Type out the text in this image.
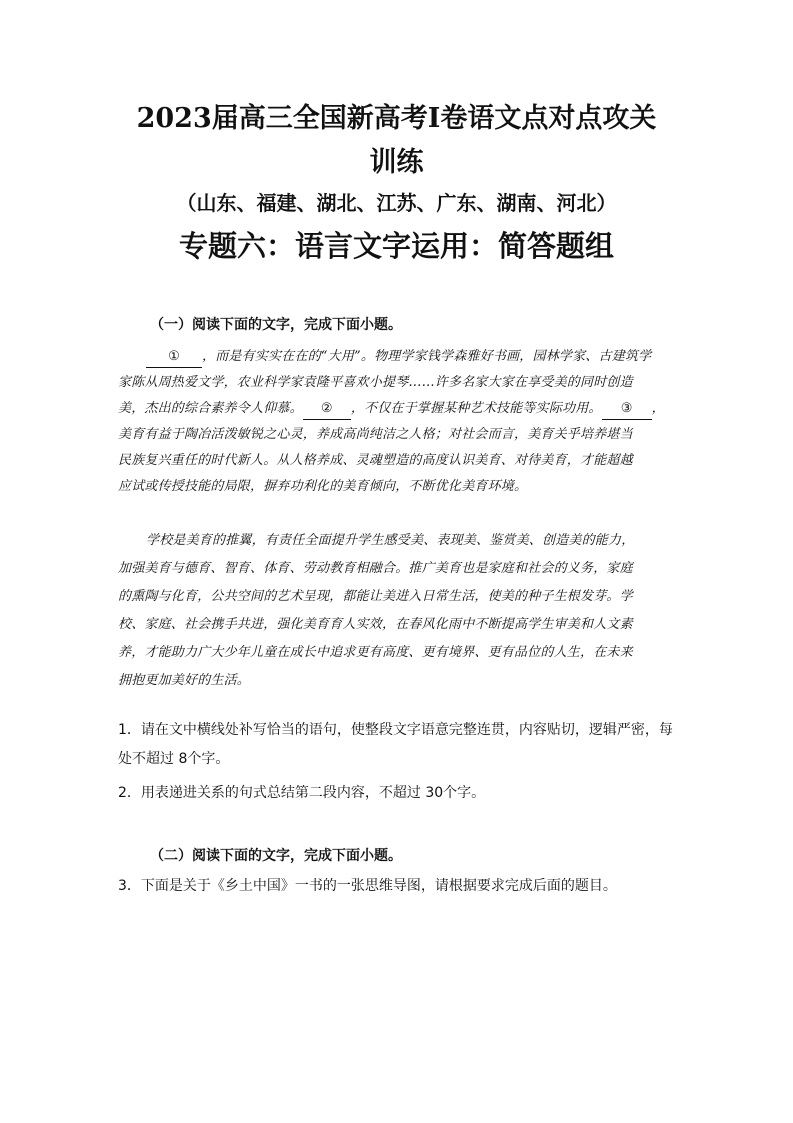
2023届高三全国新高考Ⅰ卷语文点对点攻关
训练
（山东、福建、湖北、江苏、广东、湖南、河北）
专题六：语言文字运用：简答题组
（一）阅读下面的文字，完成下面小题。
① ，而是有实实在在的“大用”。物理学家钱学森雅好书画，园林学家、古建筑学
家陈从周热爱文学，农业科学家袁隆平喜欢小提琴……许多名家大家在享受美的同时创造
美，杰出的综合素养令人仰慕。 ② ，不仅在于掌握某种艺术技能等实际功用。 ③ ，
美育有益于陶冶活泼敏锐之心灵，养成高尚纯洁之人格；对社会而言，美育关乎培养堪当
民族复兴重任的时代新人。从人格养成、灵魂塑造的高度认识美育、对待美育，才能超越
应试或传授技能的局限，摒弃功利化的美育倾向，不断优化美育环境。
学校是美育的推翼，有责任全面提升学生感受美、表现美、鉴赏美、创造美的能力，
加强美育与德育、智育、体育、劳动教育相融合。推广美育也是家庭和社会的义务，家庭
的熏陶与化育，公共空间的艺术呈现，都能让美进入日常生活，使美的种子生根发芽。学
校、家庭、社会携手共进，强化美育育人实效，在春风化雨中不断提高学生审美和人文素
养，才能助力广大少年儿童在成长中追求更有高度、更有境界、更有品位的人生，在未来
拥抱更加美好的生活。
1．请在文中横线处补写恰当的语句，使整段文字语意完整连贯，内容贴切，逻辑严密，每
处不超过 8个字。
2．用表递进关系的句式总结第二段内容，不超过 30个字。
（二）阅读下面的文字，完成下面小题。
3．下面是关于《乡土中国》一书的一张思维导图，请根据要求完成后面的题目。
